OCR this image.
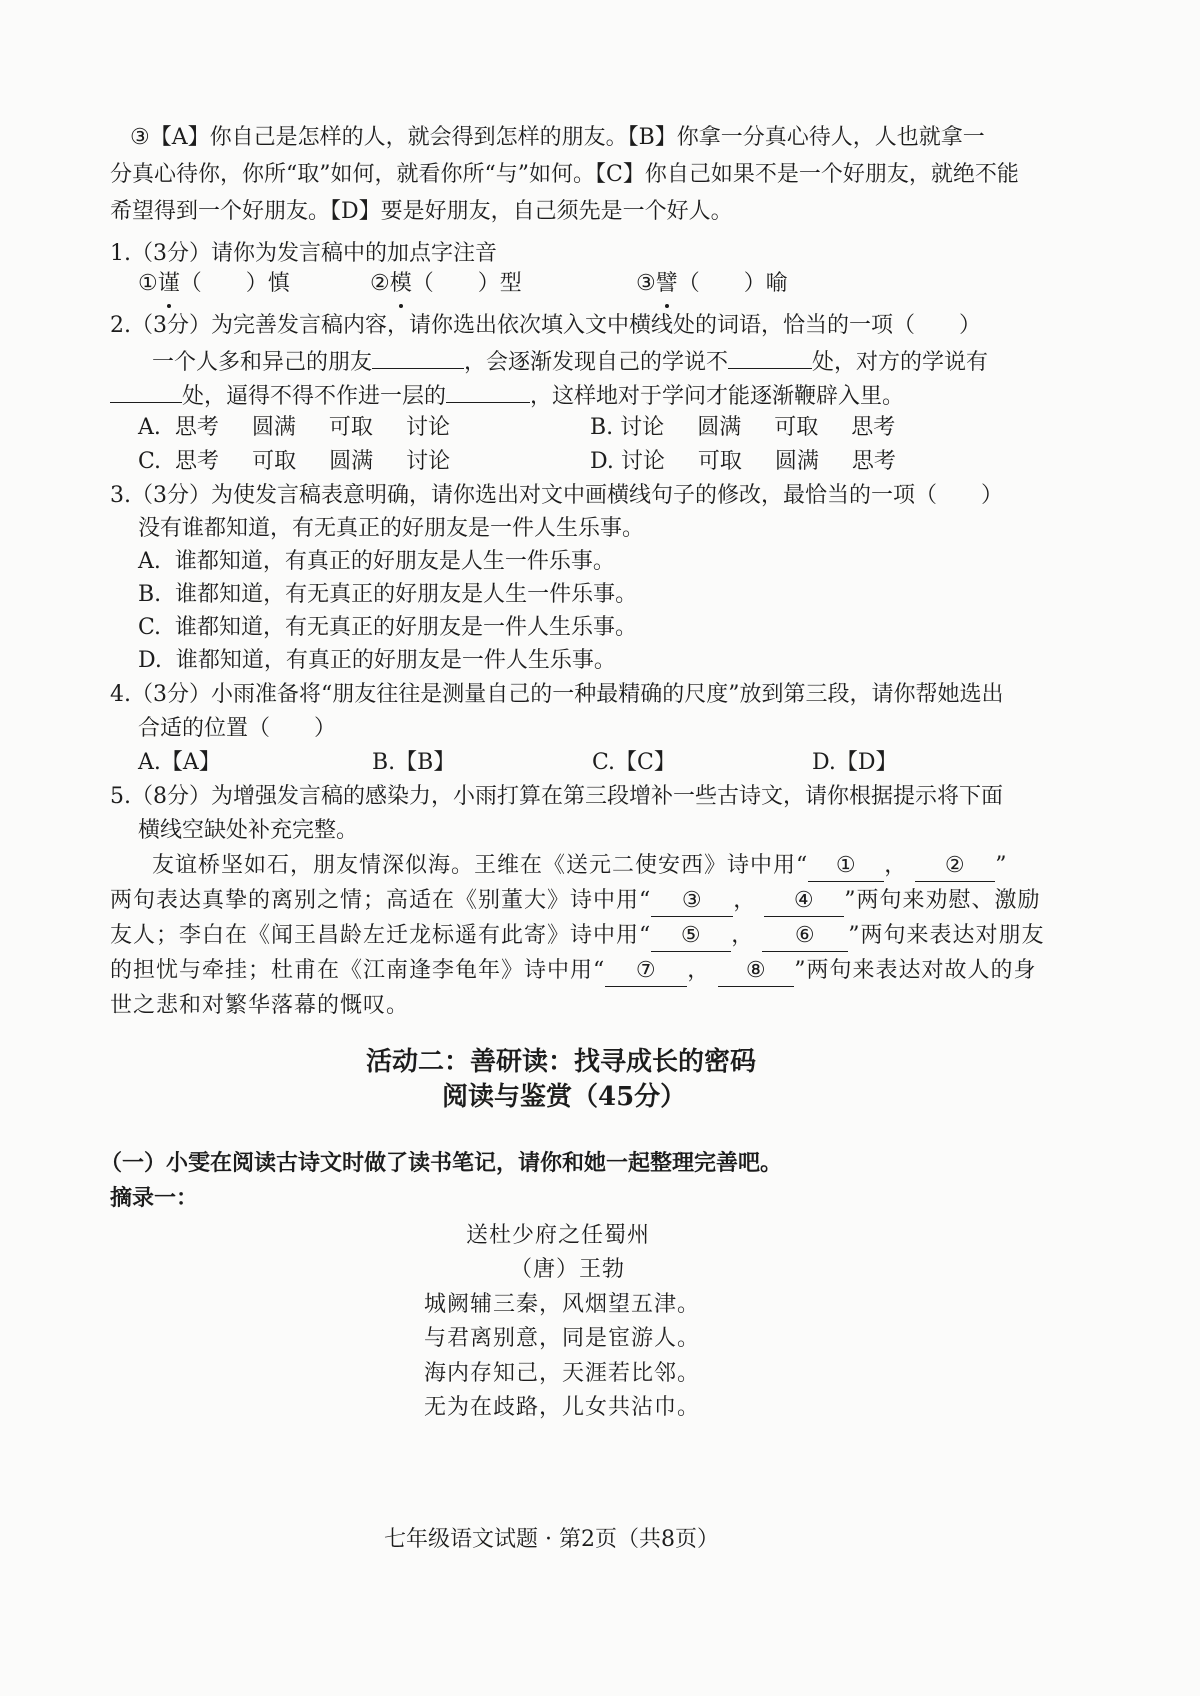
③【A】你自己是怎样的人，就会得到怎样的朋友。【B】你拿一分真心待人，人也就拿一
分真心待你，你所“取”如何，就看你所“与”如何。【C】你自己如果不是一个好朋友，就绝不能
希望得到一个好朋友。【D】要是好朋友，自己须先是一个好人。
1.（3分）请你为发言稿中的加点字注音
①谨（　　）慎	②模（　　）型	③譬（　　）喻
2.（3分）为完善发言稿内容，请你选出依次填入文中横线处的词语，恰当的一项（　　）
一个人多和异己的朋友	，会逐渐发现自己的学说不	处，对方的学说有
处，逼得不得不作进一层的	，这样地对于学问才能逐渐鞭辟入里。
A. 思考   圆满   可取   讨论	B. 讨论   圆满   可取   思考
C. 思考   可取   圆满   讨论	D. 讨论   可取   圆满   思考
3.（3分）为使发言稿表意明确，请你选出对文中画横线句子的修改，最恰当的一项（　　）
没有谁都知道，有无真正的好朋友是一件人生乐事。
A. 谁都知道，有真正的好朋友是人生一件乐事。
B. 谁都知道，有无真正的好朋友是人生一件乐事。
C. 谁都知道，有无真正的好朋友是一件人生乐事。
D. 谁都知道，有真正的好朋友是一件人生乐事。
4.（3分）小雨准备将“朋友往往是测量自己的一种最精确的尺度”放到第三段，请你帮她选出
合适的位置（　　）
A.【A】	B.【B】	C.【C】	D.【D】
5.（8分）为增强发言稿的感染力，小雨打算在第三段增补一些古诗文，请你根据提示将下面
横线空缺处补充完整。
友谊桥坚如石，朋友情深似海。王维在《送元二使安西》诗中用“ ① ， ② ”
两句表达真挚的离别之情；高适在《别董大》诗中用“ ③ ， ④ ”两句来劝慰、激励
友人；李白在《闻王昌龄左迁龙标遥有此寄》诗中用“ ⑤ ， ⑥ ”两句来表达对朋友
的担忧与牵挂；杜甫在《江南逢李龟年》诗中用“ ⑦ ， ⑧ ”两句来表达对故人的身
世之悲和对繁华落幕的慨叹。
活动二：善研读：找寻成长的密码
阅读与鉴赏（45分）
（一）小雯在阅读古诗文时做了读书笔记，请你和她一起整理完善吧。
摘录一：
送杜少府之任蜀州
（唐）王勃
城阙辅三秦，风烟望五津。
与君离别意，同是宦游人。
海内存知己，天涯若比邻。
无为在歧路，儿女共沾巾。
七年级语文试题 · 第2页（共8页）
